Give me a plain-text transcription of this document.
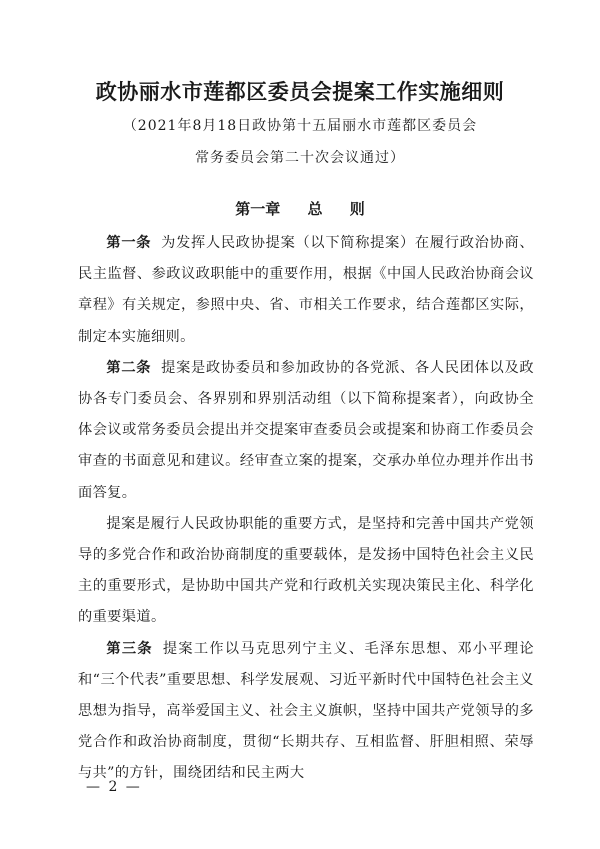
政协丽水市莲都区委员会提案工作实施细则
（2021年8月18日政协第十五届丽水市莲都区委员会
常务委员会第二十次会议通过）
第一章 总 则

第一条 为发挥人民政协提案（以下简称提案）在履行政治协商、民主监督、参政议政职能中的重要作用，根据《中国人民政治协商会议章程》有关规定，参照中央、省、市相关工作要求，结合莲都区实际，制定本实施细则。

第二条 提案是政协委员和参加政协的各党派、各人民团体以及政协各专门委员会、各界别和界别活动组（以下简称提案者），向政协全体会议或常务委员会提出并交提案审查委员会或提案和协商工作委员会审查的书面意见和建议。经审查立案的提案，交承办单位办理并作出书面答复。

提案是履行人民政协职能的重要方式，是坚持和完善中国共产党领导的多党合作和政治协商制度的重要载体，是发扬中国特色社会主义民主的重要形式，是协助中国共产党和行政机关实现决策民主化、科学化的重要渠道。

第三条 提案工作以马克思列宁主义、毛泽东思想、邓小平理论和“三个代表”重要思想、科学发展观、习近平新时代中国特色社会主义思想为指导，高举爱国主义、社会主义旗帜，坚持中国共产党领导的多党合作和政治协商制度，贯彻“长期共存、互相监督、肝胆相照、荣辱与共”的方针，围绕团结和民主两大

— 2 —
